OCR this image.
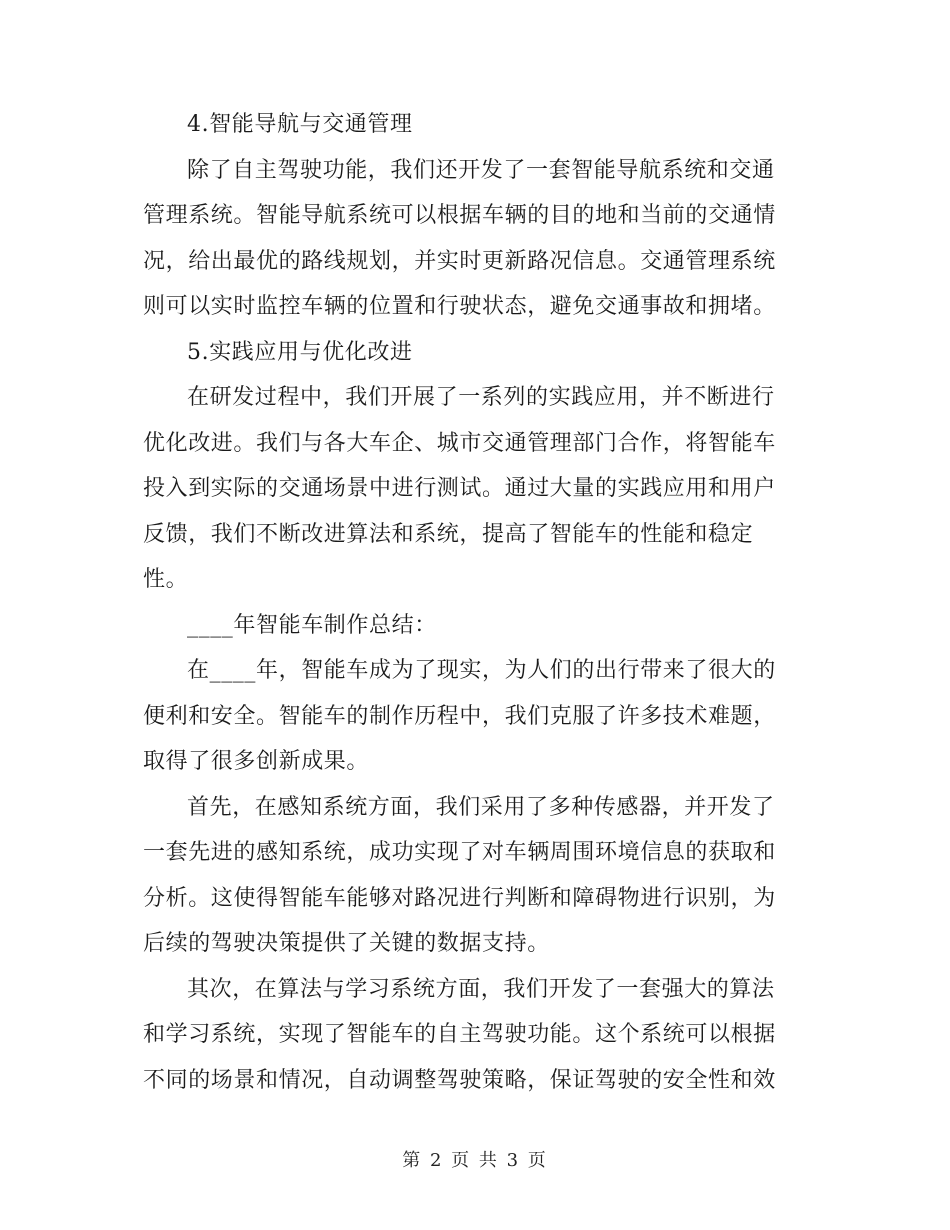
4.智能导航与交通管理
除了自主驾驶功能，我们还开发了一套智能导航系统和交通
管理系统。智能导航系统可以根据车辆的目的地和当前的交通情
况，给出最优的路线规划，并实时更新路况信息。交通管理系统
则可以实时监控车辆的位置和行驶状态，避免交通事故和拥堵。
5.实践应用与优化改进
在研发过程中，我们开展了一系列的实践应用，并不断进行
优化改进。我们与各大车企、城市交通管理部门合作，将智能车
投入到实际的交通场景中进行测试。通过大量的实践应用和用户
反馈，我们不断改进算法和系统，提高了智能车的性能和稳定
性。
____年智能车制作总结：
在____年，智能车成为了现实，为人们的出行带来了很大的
便利和安全。智能车的制作历程中，我们克服了许多技术难题，
取得了很多创新成果。
首先，在感知系统方面，我们采用了多种传感器，并开发了
一套先进的感知系统，成功实现了对车辆周围环境信息的获取和
分析。这使得智能车能够对路况进行判断和障碍物进行识别，为
后续的驾驶决策提供了关键的数据支持。
其次，在算法与学习系统方面，我们开发了一套强大的算法
和学习系统，实现了智能车的自主驾驶功能。这个系统可以根据
不同的场景和情况，自动调整驾驶策略，保证驾驶的安全性和效
第 2 页 共 3 页
